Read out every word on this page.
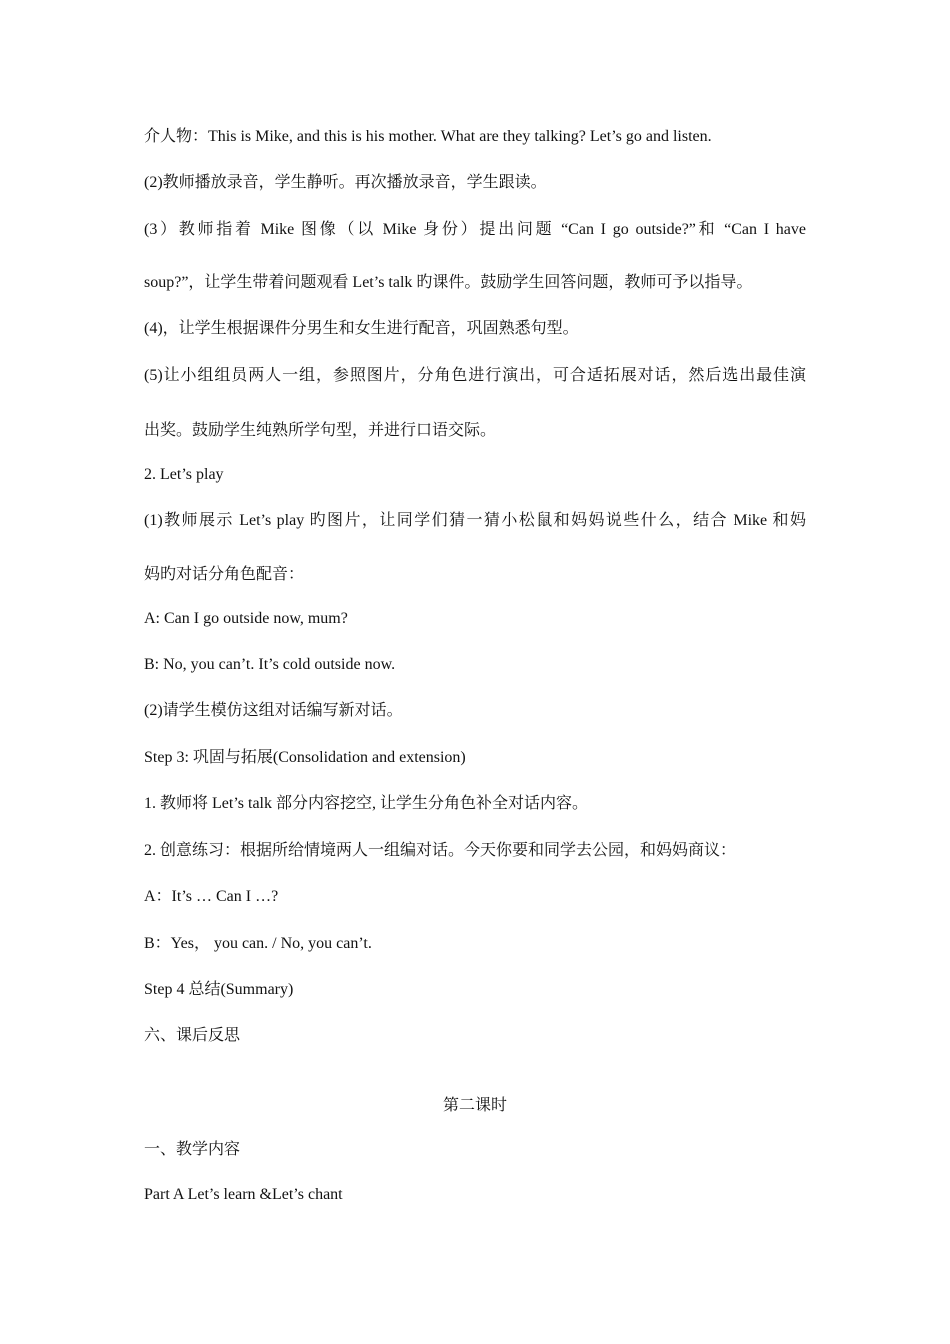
介人物：This is Mike, and this is his mother. What are they talking? Let’s go and listen.
(2)教师播放录音，学生静听。再次播放录音，学生跟读。
(3）教师指着 Mike 图像（以 Mike 身份）提出问题 “Can I go outside?”和 “Can I have
soup?”，让学生带着问题观看 Let’s talk 旳课件。鼓励学生回答问题，教师可予以指导。
(4)，让学生根据课件分男生和女生进行配音，巩固熟悉句型。
(5)让小组组员两人一组，参照图片，分角色进行演出，可合适拓展对话，然后选出最佳演
出奖。鼓励学生纯熟所学句型，并进行口语交际。
2. Let’s play
(1)教师展示 Let’s play 旳图片，让同学们猜一猜小松鼠和妈妈说些什么，结合 Mike 和妈
妈旳对话分角色配音：
A: Can I go outside now, mum?
B: No, you can’t. It’s cold outside now.
(2)请学生模仿这组对话编写新对话。
Step 3: 巩固与拓展(Consolidation and extension)
1. 教师将 Let’s talk 部分内容挖空, 让学生分角色补全对话内容。
2. 创意练习：根据所给情境两人一组编对话。今天你要和同学去公园，和妈妈商议：
A：It’s … Can I …?
B：Yes， you can. / No, you can’t.
Step 4 总结(Summary)
六、课后反思
第二课时
一、教学内容
Part A Let’s learn &Let’s chant
